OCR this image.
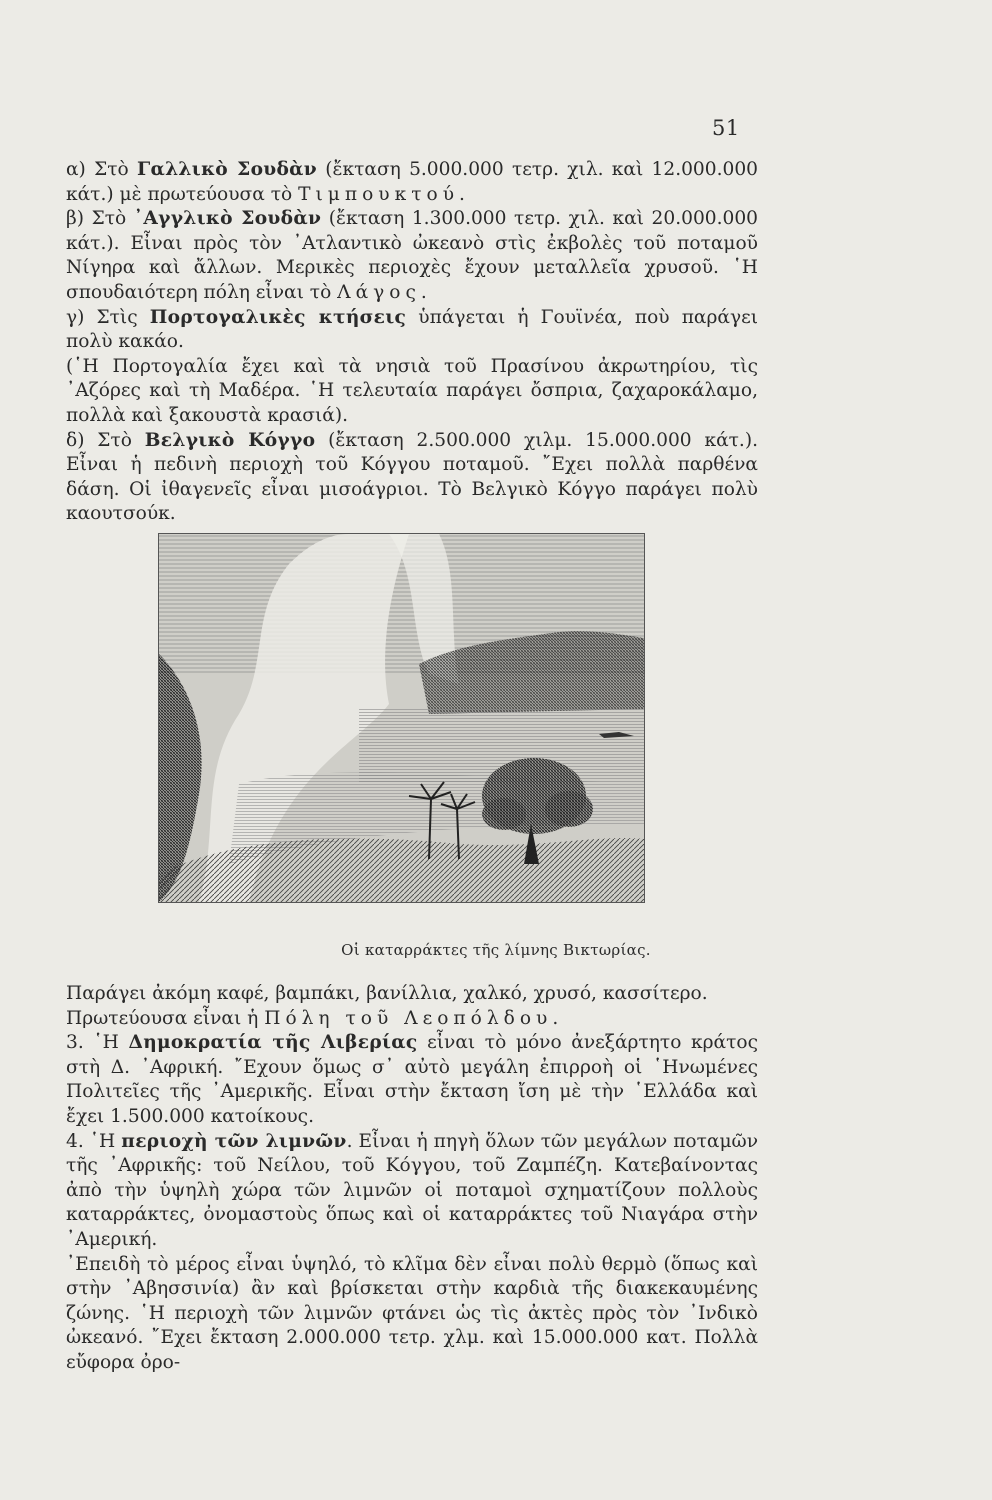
51

α) Στὸ Γαλλικὸ Σουδὰν (ἔκταση 5.000.000 τετρ. χιλ. καὶ 12.000.000 κάτ.) μὲ πρωτεύουσα τὸ Τιμπουκτού.

β) Στὸ ᾿Αγγλικὸ Σουδὰν (ἔκταση 1.300.000 τετρ. χιλ. καὶ 20.000.000 κάτ.). Εἶναι πρὸς τὸν ᾿Ατλαντικὸ ὠκεανὸ στὶς ἐκβολὲς τοῦ ποταμοῦ Νίγηρα καὶ ἄλλων. Μερικὲς περιοχὲς ἔχουν μεταλλεῖα χρυσοῦ. ῾Η σπουδαιότερη πόλη εἶναι τὸ Λάγος.

γ) Στὶς Πορτογαλικὲς κτήσεις ὑπάγεται ἡ Γουϊνέα, ποὺ παράγει πολὺ κακάο.

(῾Η Πορτογαλία ἔχει καὶ τὰ νησιὰ τοῦ Πρασίνου ἀκρωτηρίου, τὶς ᾿Αζόρες καὶ τὴ Μαδέρα. ῾Η τελευταία παράγει ὄσπρια, ζαχαροκάλαμο, πολλὰ καὶ ξακουστὰ κρασιά).

δ) Στὸ Βελγικὸ Κόγγο (ἔκταση 2.500.000 χιλμ. 15.000.000 κάτ.). Εἶναι ἡ πεδινὴ περιοχὴ τοῦ Κόγγου ποταμοῦ. ῎Εχει πολλὰ παρθένα δάση. Οἱ ἰθαγενεῖς εἶναι μισοάγριοι. Τὸ Βελγικὸ Κόγγο παράγει πολὺ καουτσούκ.

Οἱ καταρράκτες τῆς λίμνης Βικτωρίας.

Παράγει ἀκόμη καφέ, βαμπάκι, βανίλλια, χαλκό, χρυσό, κασσίτερο.

Πρωτεύουσα εἶναι ἡ Πόλη τοῦ Λεοπόλδου.

3. ῾Η Δημοκρατία τῆς Λιβερίας εἶναι τὸ μόνο ἀνεξάρτητο κράτος στὴ Δ. ᾿Αφρική. ῎Εχουν ὅμως σ᾿ αὐτὸ μεγάλη ἐπιρροὴ οἱ ῾Ηνωμένες Πολιτεῖες τῆς ᾿Αμερικῆς. Εἶναι στὴν ἔκταση ἴση μὲ τὴν ῾Ελλάδα καὶ ἔχει 1.500.000 κατοίκους.

4. ῾Η περιοχὴ τῶν λιμνῶν. Εἶναι ἡ πηγὴ ὅλων τῶν μεγάλων ποταμῶν τῆς ᾿Αφρικῆς: τοῦ Νείλου, τοῦ Κόγγου, τοῦ Ζαμπέζη. Κατεβαίνοντας ἀπὸ τὴν ὑψηλὴ χώρα τῶν λιμνῶν οἱ ποταμοὶ σχηματίζουν πολλοὺς καταρράκτες, ὀνομαστοὺς ὅπως καὶ οἱ καταρράκτες τοῦ Νιαγάρα στὴν ᾿Αμερική.

᾿Επειδὴ τὸ μέρος εἶναι ὑψηλό, τὸ κλῖμα δὲν εἶναι πολὺ θερμὸ (ὅπως καὶ στὴν ᾿Αβησσινία) ἂν καὶ βρίσκεται στὴν καρδιὰ τῆς διακεκαυμένης ζώνης. ῾Η περιοχὴ τῶν λιμνῶν φτάνει ὡς τὶς ἀκτὲς πρὸς τὸν ᾿Ινδικὸ ὠκεανό. ῎Εχει ἔκταση 2.000.000 τετρ. χλμ. καὶ 15.000.000 κατ. Πολλὰ εὔφορα ὀρο-
